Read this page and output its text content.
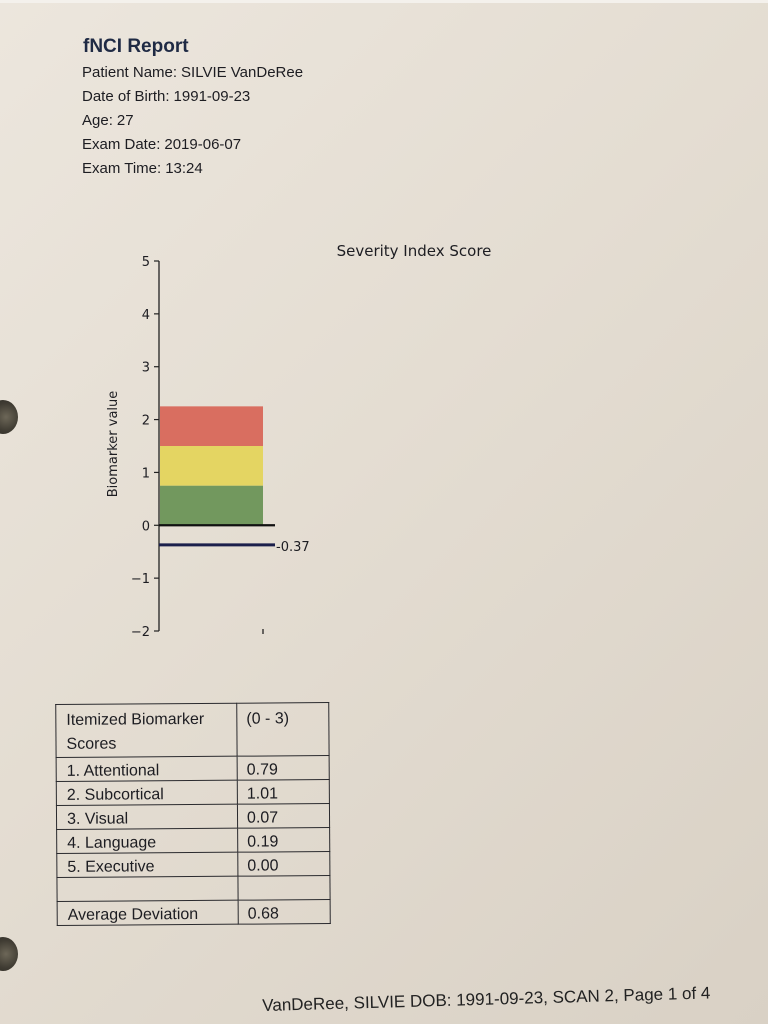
fNCI Report
Patient Name: SILVIE VanDeRee
Date of Birth: 1991-09-23
Age: 27
Exam Date: 2019-06-07
Exam Time: 13:24
Severity Index Score
Biomarker value
5
4
3
2
1
0
−1
−2
-0.37
Itemized Biomarker Scores	(0 - 3)
1. Attentional	0.79
2. Subcortical	1.01
3. Visual	0.07
4. Language	0.19
5. Executive	0.00

Average Deviation	0.68
VanDeRee, SILVIE DOB: 1991-09-23, SCAN 2, Page 1 of 4
